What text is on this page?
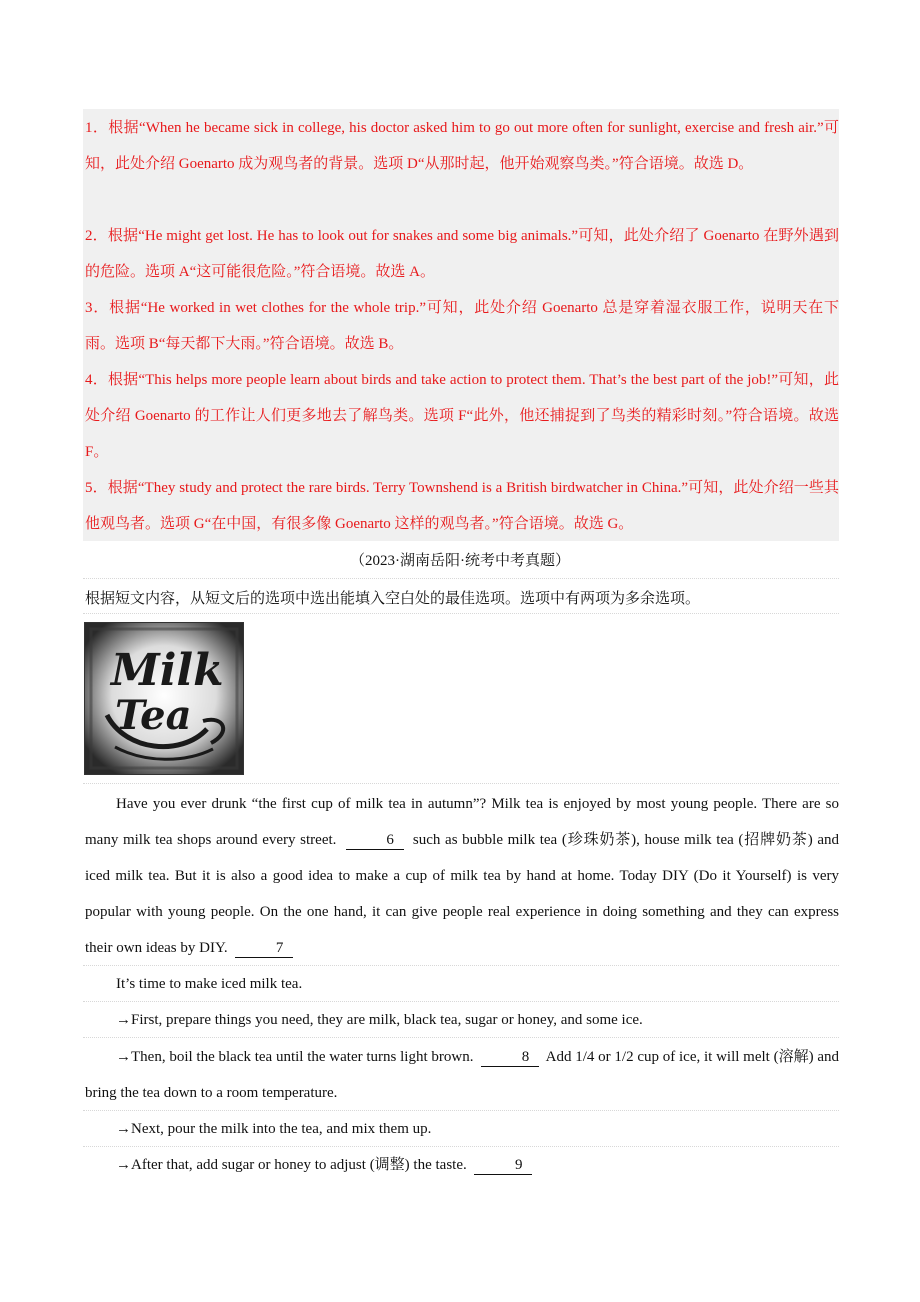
1．根据“When he became sick in college, his doctor asked him to go out more often for sunlight, exercise and fresh air.”可知，此处介绍 Goenarto 成为观鸟者的背景。选项 D“从那时起，他开始观察鸟类。”符合语境。故选 D。

2．根据“He might get lost. He has to look out for snakes and some big animals.”可知，此处介绍了 Goenarto 在野外遇到的危险。选项 A“这可能很危险。”符合语境。故选 A。

3．根据“He worked in wet clothes for the whole trip.”可知，此处介绍 Goenarto 总是穿着湿衣服工作，说明天在下雨。选项 B“每天都下大雨。”符合语境。故选 B。

4．根据“This helps more people learn about birds and take action to protect them. That’s the best part of the job!”可知，此处介绍 Goenarto 的工作让人们更多地去了解鸟类。选项 F“此外，他还捕捉到了鸟类的精彩时刻。”符合语境。故选 F。

5．根据“They study and protect the rare birds. Terry Townshend is a British birdwatcher in China.”可知，此处介绍一些其他观鸟者。选项 G“在中国，有很多像 Goenarto 这样的观鸟者。”符合语境。故选 G。

（2023·湖南岳阳·统考中考真题）
根据短文内容，从短文后的选项中选出能填入空白处的最佳选项。选项中有两项为多余选项。
Milk
Tea
Have you ever drunk “the first cup of milk tea in autumn”? Milk tea is enjoyed by most young people. There are so many milk tea shops around every street.	6 such as bubble milk tea (珍珠奶茶), house milk tea (招牌奶茶) and iced milk tea. But it is also a good idea to make a cup of milk tea by hand at home. Today DIY (Do it Yourself) is very popular with young people. On the one hand, it can give people real experience in doing something and they can express their own ideas by DIY.	7
It’s time to make iced milk tea.
→First, prepare things you need, they are milk, black tea, sugar or honey, and some ice.
→Then, boil the black tea until the water turns light brown.	8 Add 1/4 or 1/2 cup of ice, it will melt (溶解) and bring the tea down to a room temperature.
→Next, pour the milk into the tea, and mix them up.
→After that, add sugar or honey to adjust (调整) the taste.	9
